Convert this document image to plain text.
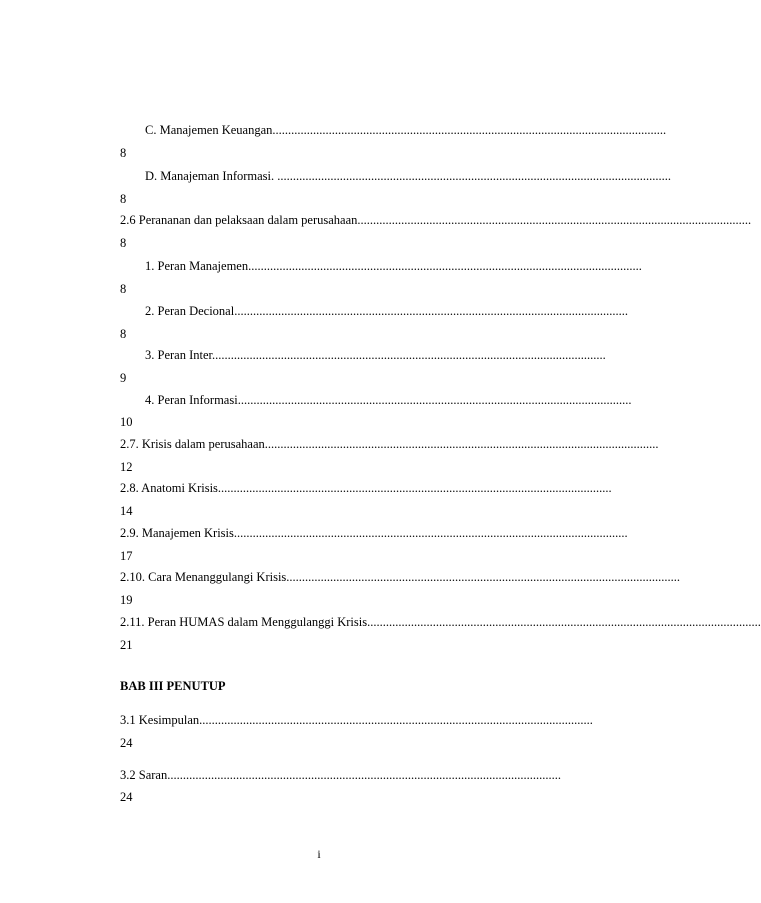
C. Manajemen Keuangan..............................................................................................................................
8
D. Manajeman Informasi. ..............................................................................................................................
8
2.6 Perananan dan pelaksaan dalam perusahaan..............................................................................................................................
8
1. Peran Manajemen..............................................................................................................................
8
2. Peran Decional..............................................................................................................................
8
3. Peran Inter..............................................................................................................................
9
4. Peran Informasi..............................................................................................................................
10
2.7. Krisis dalam perusahaan..............................................................................................................................
12
2.8. Anatomi Krisis..............................................................................................................................
14
2.9. Manajemen Krisis..............................................................................................................................
17
2.10. Cara Menanggulangi Krisis..............................................................................................................................
19
2.11. Peran HUMAS dalam Menggulanggi Krisis..............................................................................................................................
21
BAB III PENUTUP
3.1 Kesimpulan..............................................................................................................................
24
3.2 Saran..............................................................................................................................
24
i
